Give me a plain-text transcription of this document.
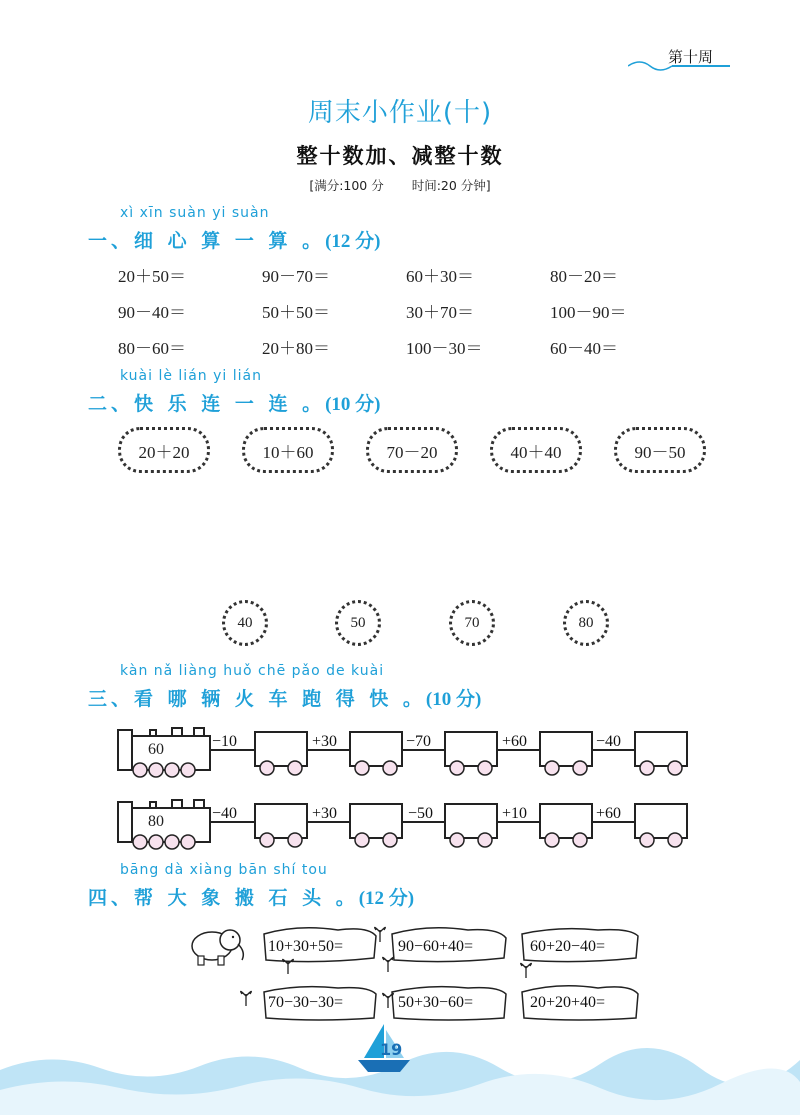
第十周
周末小作业(十)
整十数加、减整十数
[满分:100 分 时间:20 分钟]
xì xīn suàn yi suàn
一、细 心 算 一 算 。(12 分)
20＋50＝	90－70＝	60＋30＝	80－20＝
90－40＝	50＋50＝	30＋70＝	100－90＝
80－60＝	20＋80＝	100－30＝	60－40＝
kuài lè lián yi lián
二、快 乐 连 一 连 。(10 分)
20＋20	10＋60	70－20	40＋40	90－50
40	50	70	80
kàn nǎ liàng huǒ chē pǎo de kuài
三、看 哪 辆 火 车 跑 得 快 。(10 分)
60	−10	+30	−70	+60	−40
80	−40	+30	−50	+10	+60
bāng dà xiàng bān shí tou
四、帮 大 象 搬 石 头 。(12 分)
10+30+50=	90−60+40=	60+20−40=
70−30−30=	50+30−60=	20+20+40=
19
